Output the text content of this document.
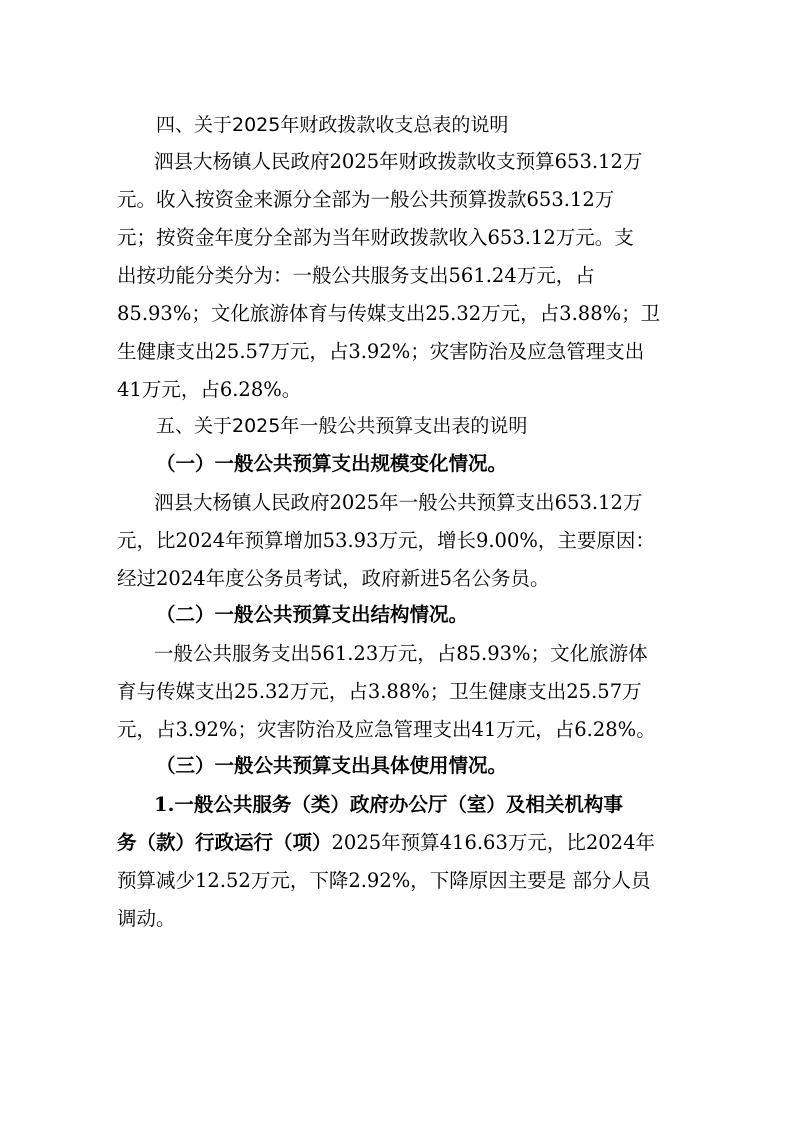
四、关于2025年财政拨款收支总表的说明
泗县大杨镇人民政府2025年财政拨款收支预算653.12万
元。收入按资金来源分全部为一般公共预算拨款653.12万
元；按资金年度分全部为当年财政拨款收入653.12万元。支
出按功能分类分为：一般公共服务支出561.24万元，占
85.93%；文化旅游体育与传媒支出25.32万元，占3.88%；卫
生健康支出25.57万元，占3.92%；灾害防治及应急管理支出
41万元，占6.28%。
五、关于2025年一般公共预算支出表的说明
（一）一般公共预算支出规模变化情况。
泗县大杨镇人民政府2025年一般公共预算支出653.12万
元，比2024年预算增加53.93万元，增长9.00%，主要原因：
经过2024年度公务员考试，政府新进5名公务员。
（二）一般公共预算支出结构情况。
一般公共服务支出561.23万元，占85.93%；文化旅游体
育与传媒支出25.32万元，占3.88%；卫生健康支出25.57万
元，占3.92%；灾害防治及应急管理支出41万元，占6.28%。
（三）一般公共预算支出具体使用情况。
1.一般公共服务（类）政府办公厅（室）及相关机构事
务（款）行政运行（项）2025年预算416.63万元，比2024年
预算减少12.52万元，下降2.92%，下降原因主要是 部分人员
调动。
